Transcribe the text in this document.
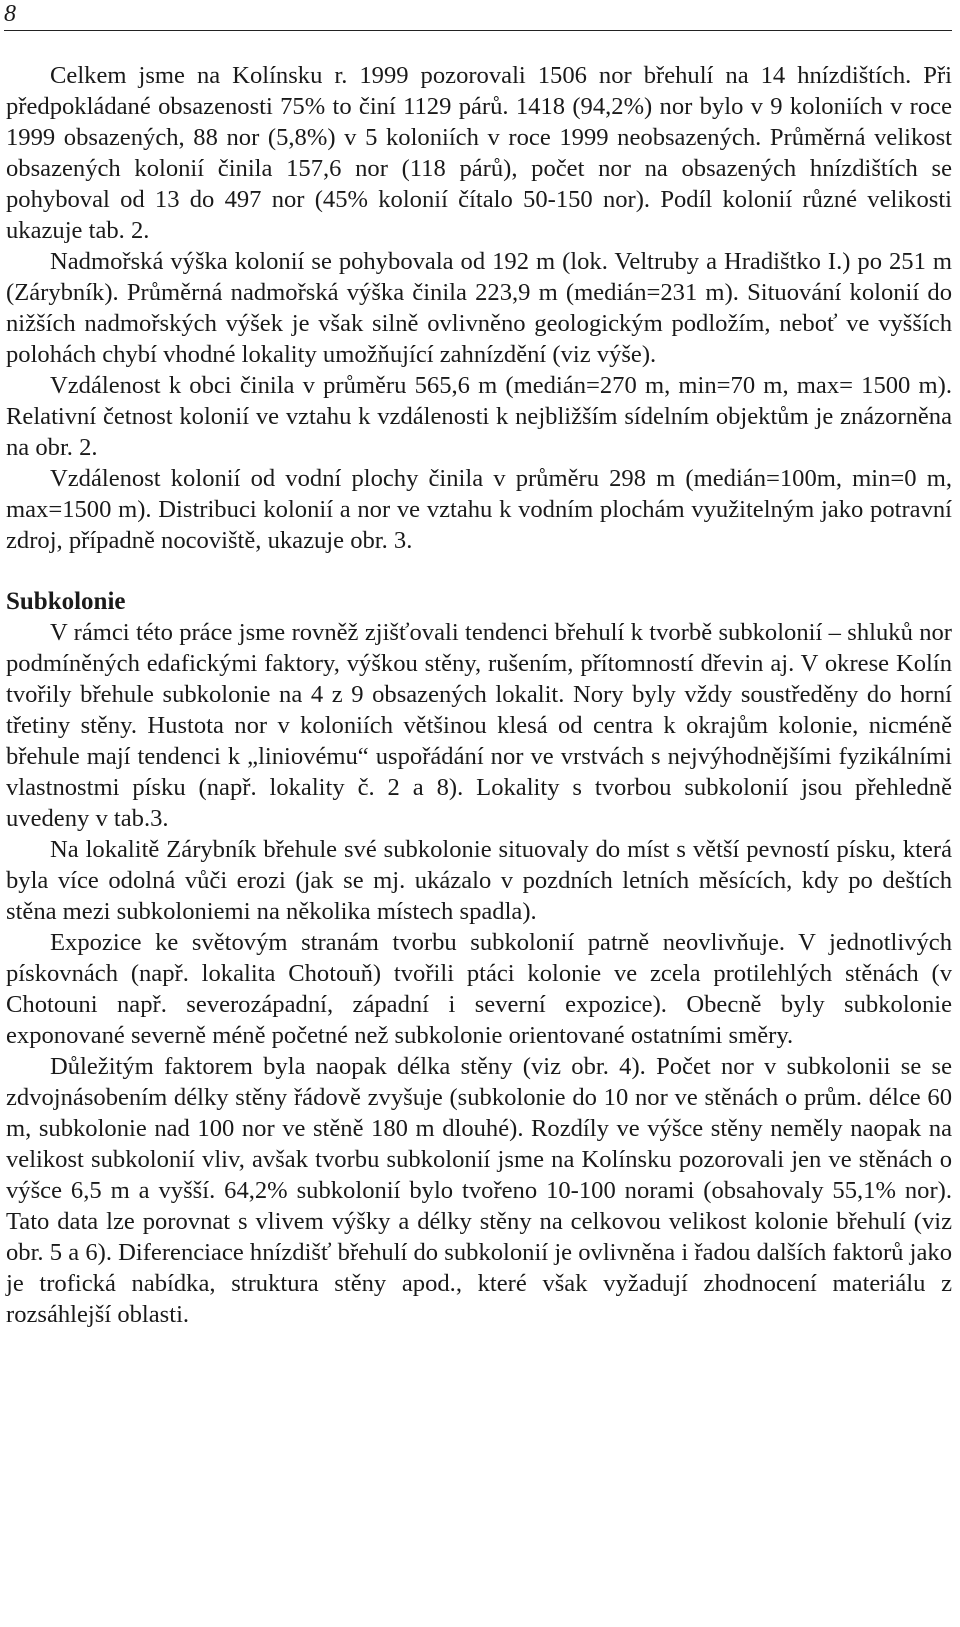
8

Celkem jsme na Kolínsku r. 1999 pozorovali 1506 nor břehulí na 14 hnízdištích. Při předpokládané obsazenosti 75% to činí 1129 párů. 1418 (94,2%) nor bylo v 9 koloniích v roce 1999 obsazených, 88 nor (5,8%) v 5 koloniích v roce 1999 neobsazených. Průměrná velikost obsazených kolonií činila 157,6 nor (118 párů), počet nor na obsazených hnízdištích se pohyboval od 13 do 497 nor (45% kolonií čítalo 50-150 nor). Podíl kolonií různé velikosti ukazuje tab. 2.

Nadmořská výška kolonií se pohybovala od 192 m (lok. Veltruby a Hradištko I.) po 251 m (Zárybník). Průměrná nadmořská výška činila 223,9 m (medián=231 m). Situování kolonií do nižších nadmořských výšek je však silně ovlivněno geologickým podložím, neboť ve vyšších polohách chybí vhodné lokality umožňující zahnízdění (viz výše).

Vzdálenost k obci činila v průměru 565,6 m (medián=270 m, min=70 m, max= 1500 m). Relativní četnost kolonií ve vztahu k vzdálenosti k nejbližším sídelním objektům je znázorněna na obr. 2.

Vzdálenost kolonií od vodní plochy činila v průměru 298 m (medián=100m, min=0 m, max=1500 m). Distribuci kolonií a nor ve vztahu k vodním plochám využitelným jako potravní zdroj, případně nocoviště, ukazuje obr. 3.

Subkolonie

V rámci této práce jsme rovněž zjišťovali tendenci břehulí k tvorbě subkolonií – shluků nor podmíněných edafickými faktory, výškou stěny, rušením, přítomností dřevin aj. V okrese Kolín tvořily břehule subkolonie na 4 z 9 obsazených lokalit. Nory byly vždy soustředěny do horní třetiny stěny. Hustota nor v koloniích většinou klesá od centra k okrajům kolonie, nicméně břehule mají tendenci k „liniovému“ uspořádání nor ve vrstvách s nejvýhodnějšími fyzikálními vlastnostmi písku (např. lokality č. 2 a 8). Lokality s tvorbou subkolonií jsou přehledně uvedeny v tab.3.

Na lokalitě Zárybník břehule své subkolonie situovaly do míst s větší pevností písku, která byla více odolná vůči erozi (jak se mj. ukázalo v pozdních letních měsících, kdy po deštích stěna mezi subkoloniemi na několika místech spadla).

Expozice ke světovým stranám tvorbu subkolonií patrně neovlivňuje. V jednotlivých pískovnách (např. lokalita Chotouň) tvořili ptáci kolonie ve zcela protilehlých stěnách (v Chotouni např. severozápadní, západní i severní expozice). Obecně byly subkolonie exponované severně méně početné než subkolonie orientované ostatními směry.

Důležitým faktorem byla naopak délka stěny (viz obr. 4). Počet nor v subkolonii se se zdvojnásobením délky stěny řádově zvyšuje (subkolonie do 10 nor ve stěnách o prům. délce 60 m, subkolonie nad 100 nor ve stěně 180 m dlouhé). Rozdíly ve výšce stěny neměly naopak na velikost subkolonií vliv, avšak tvorbu subkolonií jsme na Kolínsku pozorovali jen ve stěnách o výšce 6,5 m a vyšší. 64,2% subkolonií bylo tvořeno 10-100 norami (obsahovaly 55,1% nor). Tato data lze porovnat s vlivem výšky a délky stěny na celkovou velikost kolonie břehulí (viz obr. 5 a 6). Diferenciace hnízdišť břehulí do subkolonií je ovlivněna i řadou dalších faktorů jako je trofická nabídka, struktura stěny apod., které však vyžadují zhodnocení materiálu z rozsáhlejší oblasti.
